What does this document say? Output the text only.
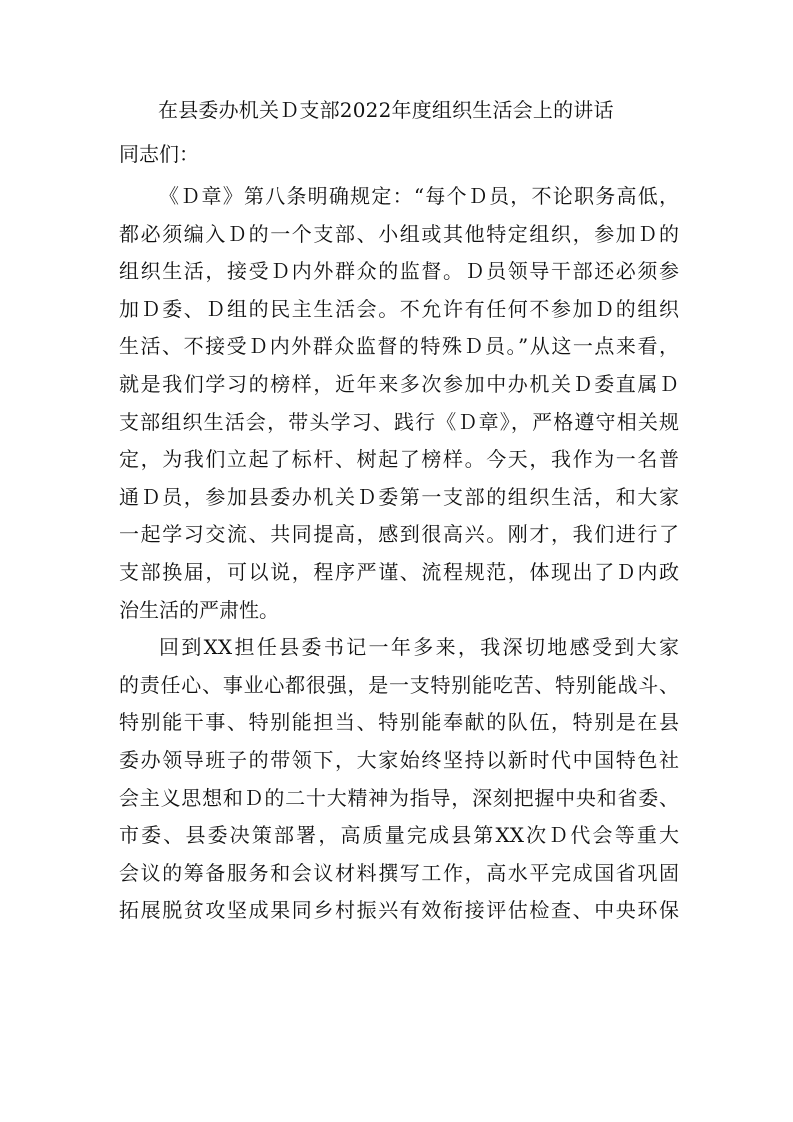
在县委办机关Ｄ支部2022年度组织生活会上的讲话
同志们：
《Ｄ章》第八条明确规定：“每个Ｄ员，不论职务高低，
都必须编入Ｄ的一个支部、小组或其他特定组织，参加Ｄ的
组织生活，接受Ｄ内外群众的监督。Ｄ员领导干部还必须参
加Ｄ委、Ｄ组的民主生活会。不允许有任何不参加Ｄ的组织
生活、不接受Ｄ内外群众监督的特殊Ｄ员。”从这一点来看，
就是我们学习的榜样，近年来多次参加中办机关Ｄ委直属Ｄ
支部组织生活会，带头学习、践行《Ｄ章》，严格遵守相关规
定，为我们立起了标杆、树起了榜样。今天，我作为一名普
通Ｄ员，参加县委办机关Ｄ委第一支部的组织生活，和大家
一起学习交流、共同提高，感到很高兴。刚才，我们进行了
支部换届，可以说，程序严谨、流程规范，体现出了Ｄ内政
治生活的严肃性。
回到XX担任县委书记一年多来，我深切地感受到大家
的责任心、事业心都很强，是一支特别能吃苦、特别能战斗、
特别能干事、特别能担当、特别能奉献的队伍，特别是在县
委办领导班子的带领下，大家始终坚持以新时代中国特色社
会主义思想和Ｄ的二十大精神为指导，深刻把握中央和省委、
市委、县委决策部署，高质量完成县第XX次Ｄ代会等重大
会议的筹备服务和会议材料撰写工作，高水平完成国省巩固
拓展脱贫攻坚成果同乡村振兴有效衔接评估检查、中央环保
